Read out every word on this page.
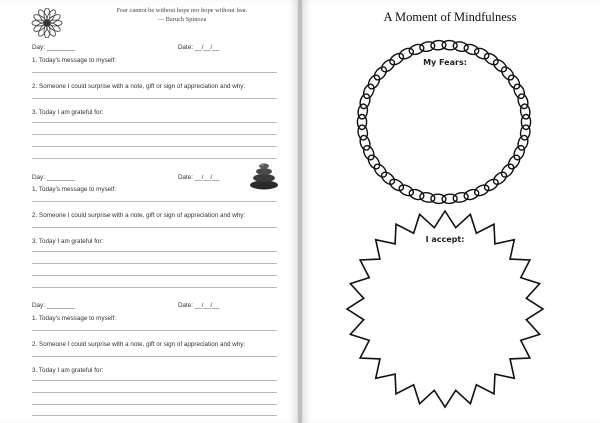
Fear cannot be without hope nor hope without fear.
— Baruch Spinoza
Day: ________	Date: __/__/__
1. Today's message to myself:
2. Someone I could surprise with a note, gift or sign of appreciation and why:
3. Today I am grateful for:
Day: ________	Date: __/__/__
1. Today's message to myself:
2. Someone I could surprise with a note, gift or sign of appreciation and why:
3. Today I am grateful for:
Day: ________	Date: __/__/__
1. Today's message to myself:
2. Someone I could surprise with a note, gift or sign of appreciation and why:
3. Today I am grateful for:
A Moment of Mindfulness
My Fears:
I accept:
